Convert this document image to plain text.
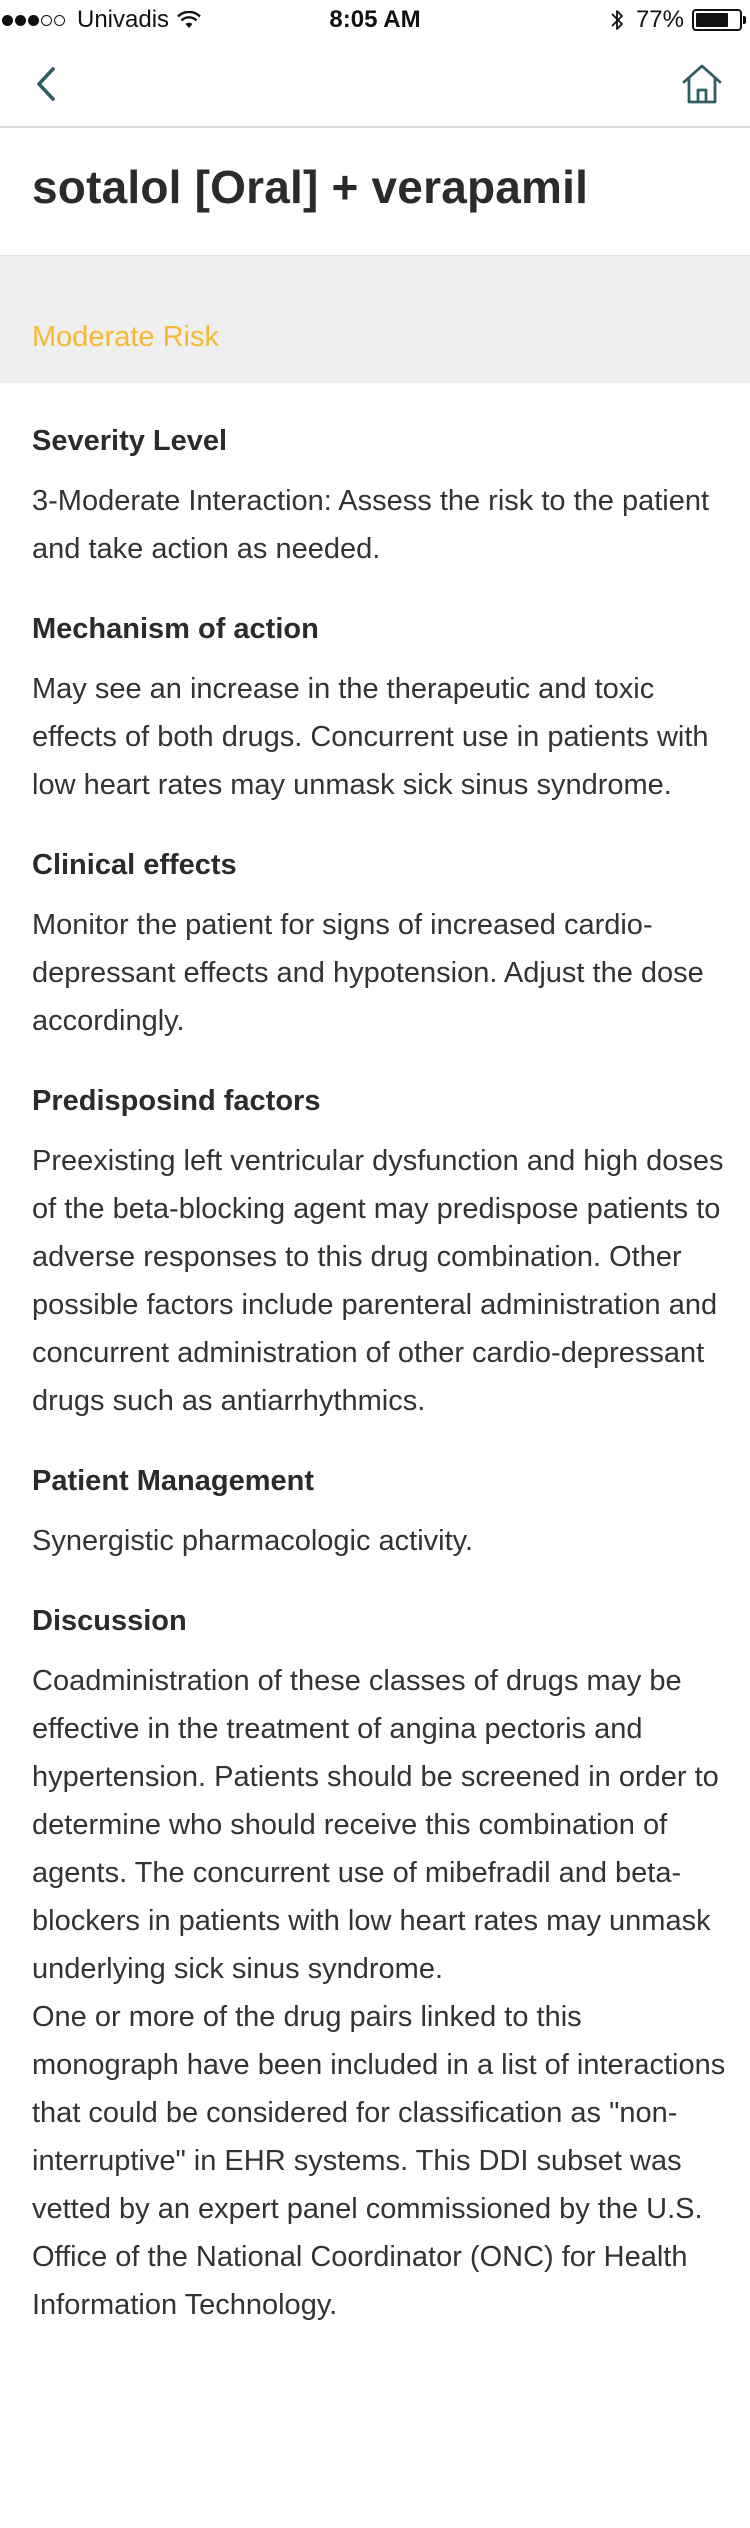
Univadis	8:05 AM	77%
sotalol [Oral] + verapamil
Moderate Risk
Severity Level

3-Moderate Interaction: Assess the risk to the patient and take action as needed.

Mechanism of action

May see an increase in the therapeutic and toxic effects of both drugs. Concurrent use in patients with low heart rates may unmask sick sinus syndrome.

Clinical effects

Monitor the patient for signs of increased cardio-depressant effects and hypotension. Adjust the dose accordingly.

Predisposind factors

Preexisting left ventricular dysfunction and high doses of the beta-blocking agent may predispose patients to adverse responses to this drug combination. Other possible factors include parenteral administration and concurrent administration of other cardio-depressant drugs such as antiarrhythmics.

Patient Management

Synergistic pharmacologic activity.

Discussion

Coadministration of these classes of drugs may be effective in the treatment of angina pectoris and hypertension. Patients should be screened in order to determine who should receive this combination of agents. The concurrent use of mibefradil and beta-blockers in patients with low heart rates may unmask underlying sick sinus syndrome.

One or more of the drug pairs linked to this monograph have been included in a list of interactions that could be considered for classification as "non-interruptive" in EHR systems. This DDI subset was vetted by an expert panel commissioned by the U.S. Office of the National Coordinator (ONC) for Health Information Technology.
